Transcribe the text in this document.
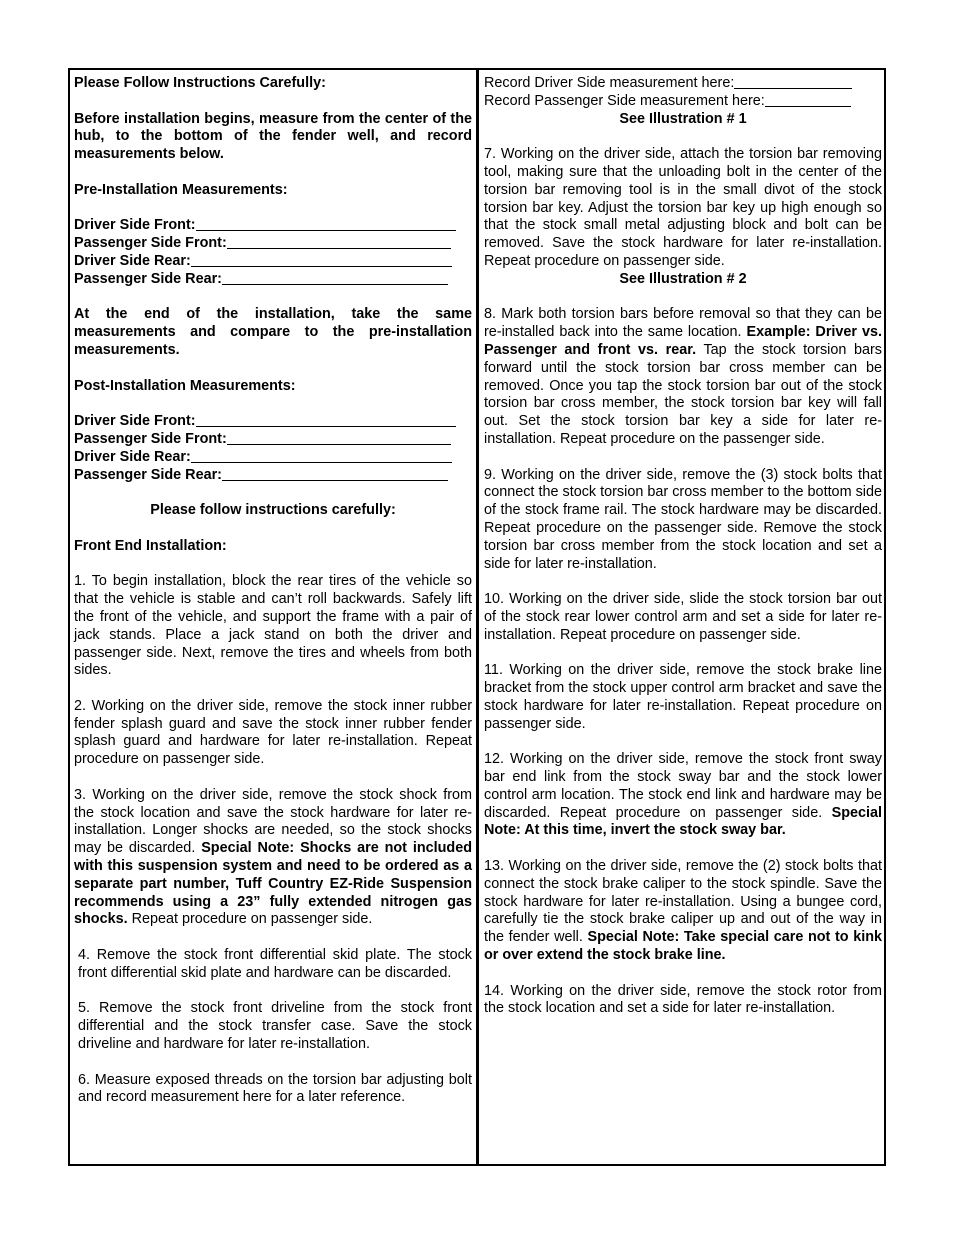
Please Follow Instructions Carefully:

Before installation begins, measure from the center of the hub, to the bottom of the fender well, and record measurements below.

Pre-Installation Measurements:

Driver Side Front:
Passenger Side Front:
Driver Side Rear:
Passenger Side Rear:

At the end of the installation, take the same measurements and compare to the pre-installation measurements.

Post-Installation Measurements:

Driver Side Front:
Passenger Side Front:
Driver Side Rear:
Passenger Side Rear:

Please follow instructions carefully:

Front End Installation:

1. To begin installation, block the rear tires of the vehicle so that the vehicle is stable and can’t roll backwards. Safely lift the front of the vehicle, and support the frame with a pair of jack stands. Place a jack stand on both the driver and passenger side. Next, remove the tires and wheels from both sides.

2. Working on the driver side, remove the stock inner rubber fender splash guard and save the stock inner rubber fender splash guard and hardware for later re-installation. Repeat procedure on passenger side.

3. Working on the driver side, remove the stock shock from the stock location and save the stock hardware for later re-installation. Longer shocks are needed, so the stock shocks may be discarded. Special Note: Shocks are not included with this suspension system and need to be ordered as a separate part number, Tuff Country EZ-Ride Suspension recommends using a 23” fully extended nitrogen gas shocks. Repeat procedure on passenger side.

4. Remove the stock front differential skid plate. The stock front differential skid plate and hardware can be discarded.

5. Remove the stock front driveline from the stock front differential and the stock transfer case. Save the stock driveline and hardware for later re-installation.

6. Measure exposed threads on the torsion bar adjusting bolt and record measurement here for a later reference.

Record Driver Side measurement here:
Record Passenger Side measurement here:

See Illustration # 1

7. Working on the driver side, attach the torsion bar removing tool, making sure that the unloading bolt in the center of the torsion bar removing tool is in the small divot of the stock torsion bar key. Adjust the torsion bar key up high enough so that the stock small metal adjusting block and bolt can be removed. Save the stock hardware for later re-installation. Repeat procedure on passenger side.

See Illustration # 2

8. Mark both torsion bars before removal so that they can be re-installed back into the same location. Example: Driver vs. Passenger and front vs. rear. Tap the stock torsion bars forward until the stock torsion bar cross member can be removed. Once you tap the stock torsion bar out of the stock torsion bar cross member, the stock torsion bar key will fall out. Set the stock torsion bar key a side for later re-installation. Repeat procedure on the passenger side.

9. Working on the driver side, remove the (3) stock bolts that connect the stock torsion bar cross member to the bottom side of the stock frame rail. The stock hardware may be discarded. Repeat procedure on the passenger side. Remove the stock torsion bar cross member from the stock location and set a side for later re-installation.

10. Working on the driver side, slide the stock torsion bar out of the stock rear lower control arm and set a side for later re-installation. Repeat procedure on passenger side.

11. Working on the driver side, remove the stock brake line bracket from the stock upper control arm bracket and save the stock hardware for later re-installation. Repeat procedure on passenger side.

12. Working on the driver side, remove the stock front sway bar end link from the stock sway bar and the stock lower control arm location. The stock end link and hardware may be discarded. Repeat procedure on passenger side. Special Note: At this time, invert the stock sway bar.

13. Working on the driver side, remove the (2) stock bolts that connect the stock brake caliper to the stock spindle. Save the stock hardware for later re-installation. Using a bungee cord, carefully tie the stock brake caliper up and out of the way in the fender well. Special Note: Take special care not to kink or over extend the stock brake line.

14. Working on the driver side, remove the stock rotor from the stock location and set a side for later re-installation.
